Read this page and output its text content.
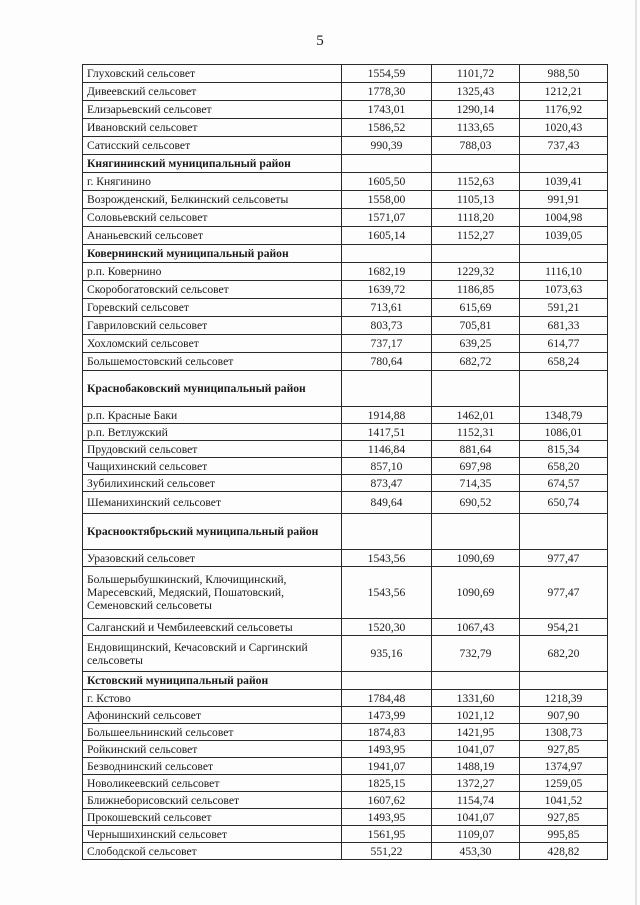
5
Глуховский сельсовет	1554,59	1101,72	988,50
Дивеевский сельсовет	1778,30	1325,43	1212,21
Елизарьевский сельсовет	1743,01	1290,14	1176,92
Ивановский сельсовет	1586,52	1133,65	1020,43
Сатисский сельсовет	990,39	788,03	737,43
Княгининский муниципальный район			
г. Княгинино	1605,50	1152,63	1039,41
Возрожденский, Белкинский сельсоветы	1558,00	1105,13	991,91
Соловьевский сельсовет	1571,07	1118,20	1004,98
Ананьевский сельсовет	1605,14	1152,27	1039,05
Ковернинский муниципальный район			
р.п. Ковернино	1682,19	1229,32	1116,10
Скоробогатовский сельсовет	1639,72	1186,85	1073,63
Горевский сельсовет	713,61	615,69	591,21
Гавриловский сельсовет	803,73	705,81	681,33
Хохломский сельсовет	737,17	639,25	614,77
Большемостовский сельсовет	780,64	682,72	658,24
Краснобаковский муниципальный район			
р.п. Красные Баки	1914,88	1462,01	1348,79
р.п. Ветлужский	1417,51	1152,31	1086,01
Прудовский сельсовет	1146,84	881,64	815,34
Чащихинский сельсовет	857,10	697,98	658,20
Зубилихинский сельсовет	873,47	714,35	674,57
Шеманихинский сельсовет	849,64	690,52	650,74
Краснооктябрьский муниципальный район			
Уразовский сельсовет	1543,56	1090,69	977,47
Большерыбушкинский, Ключищинский, Маресевский, Медяский, Пошатовский, Семеновский сельсоветы	1543,56	1090,69	977,47
Салганский и Чембилеевский сельсоветы	1520,30	1067,43	954,21
Ендовищинский, Кечасовский и Саргинский сельсоветы	935,16	732,79	682,20
Кстовский муниципальный район			
г. Кстово	1784,48	1331,60	1218,39
Афонинский сельсовет	1473,99	1021,12	907,90
Большеельнинский сельсовет	1874,83	1421,95	1308,73
Ройкинский сельсовет	1493,95	1041,07	927,85
Безводнинский сельсовет	1941,07	1488,19	1374,97
Новоликеевский сельсовет	1825,15	1372,27	1259,05
Ближнеборисовский сельсовет	1607,62	1154,74	1041,52
Прокошевский сельсовет	1493,95	1041,07	927,85
Чернышихинский сельсовет	1561,95	1109,07	995,85
Слободской сельсовет	551,22	453,30	428,82
